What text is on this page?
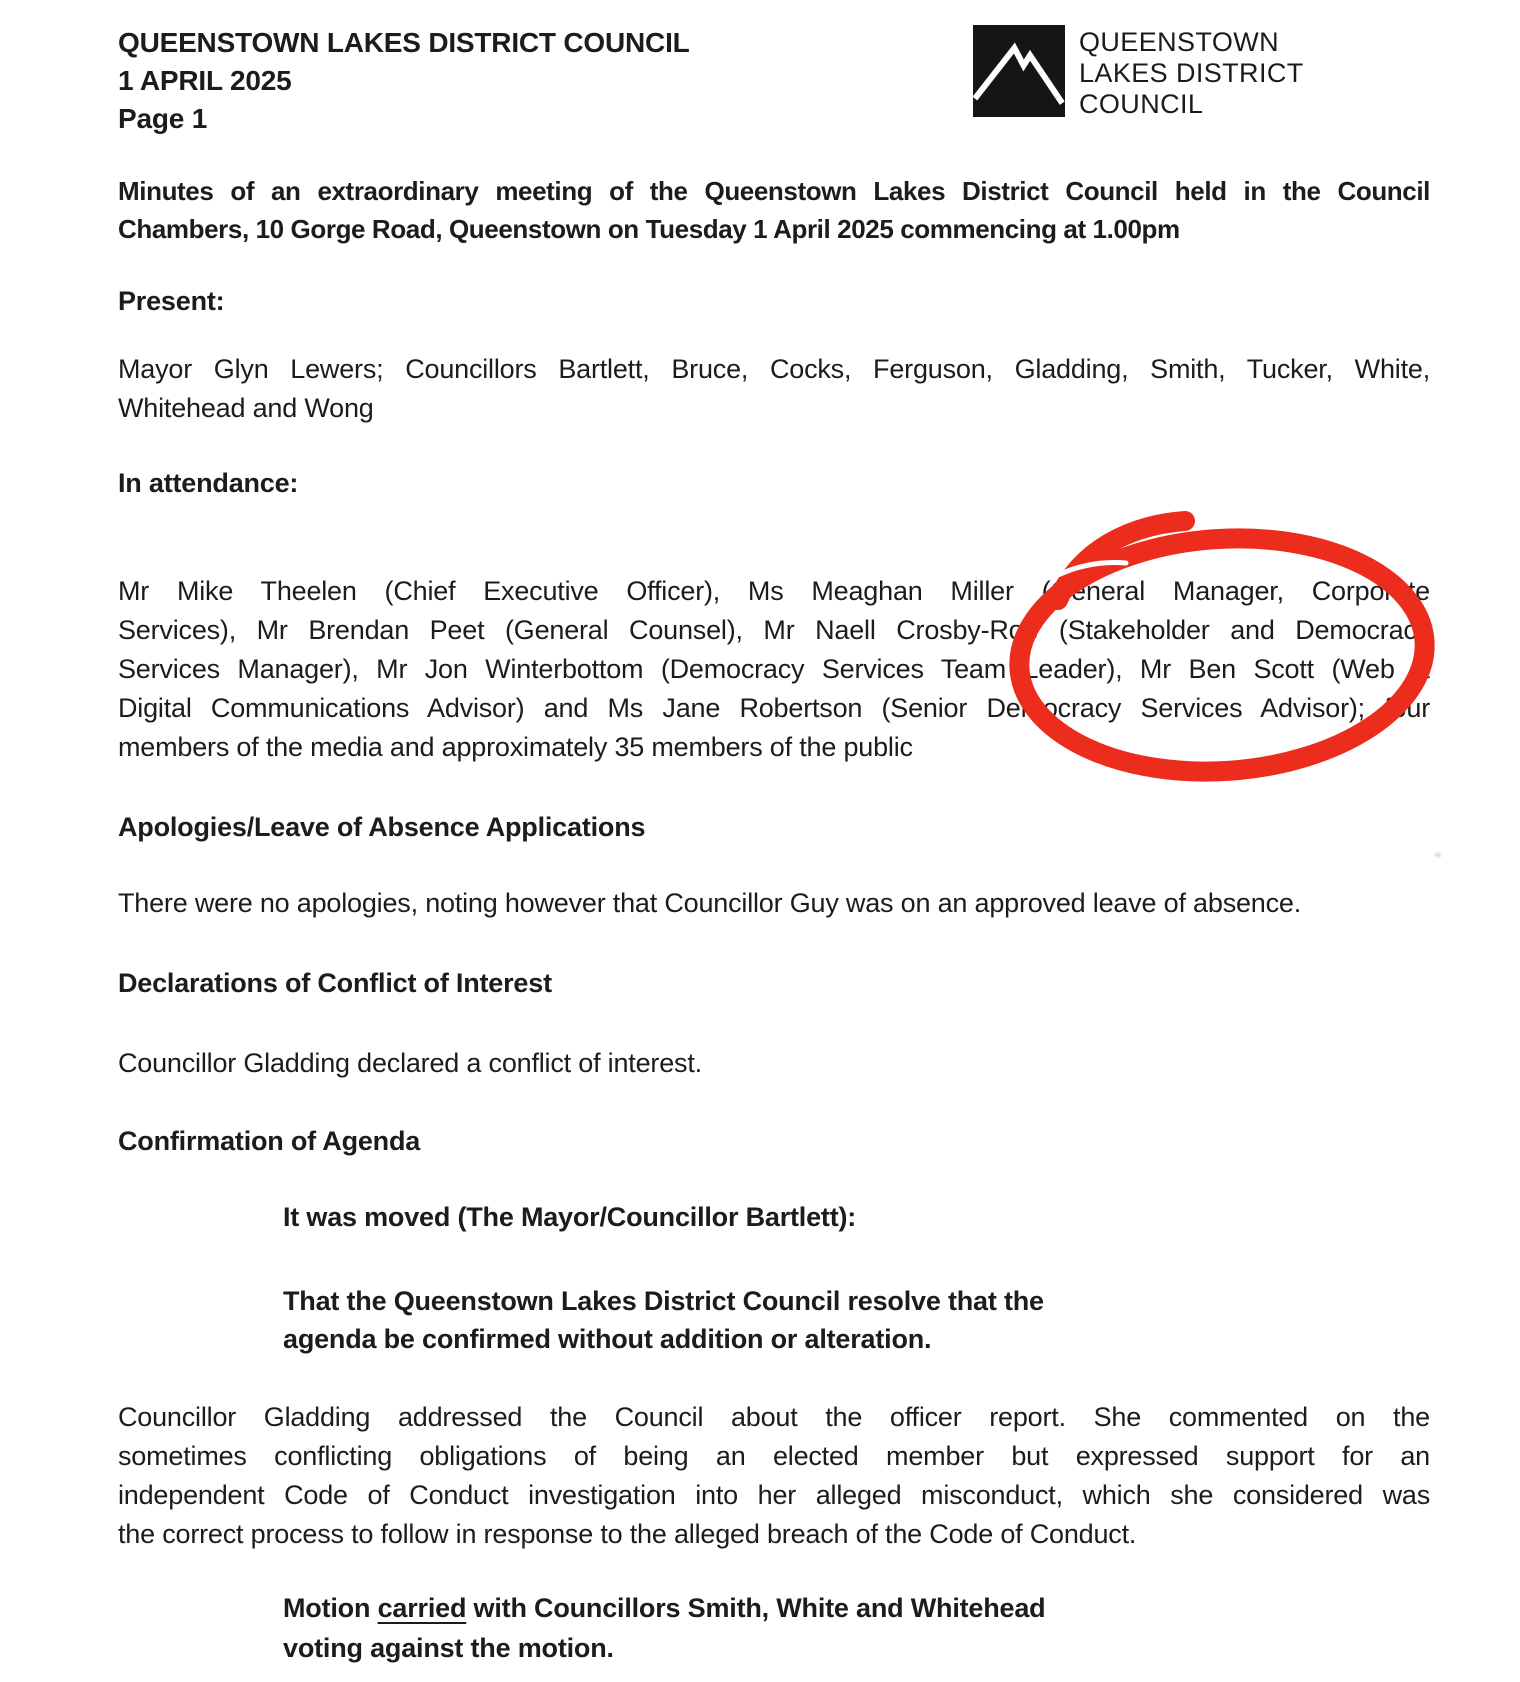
QUEENSTOWN
LAKES DISTRICT
COUNCIL
QUEENSTOWN LAKES DISTRICT COUNCIL
1 APRIL 2025
Page 1
Minutes of an extraordinary meeting of the Queenstown Lakes District Council held in the Council
Chambers, 10 Gorge Road, Queenstown on Tuesday 1 April 2025 commencing at 1.00pm
Present:
Mayor Glyn Lewers; Councillors Bartlett, Bruce, Cocks, Ferguson, Gladding, Smith, Tucker, White,
Whitehead and Wong
In attendance:
Mr Mike Theelen (Chief Executive Officer), Ms Meaghan Miller (General Manager, Corporate
Services), Mr Brendan Peet (General Counsel), Mr Naell Crosby-Roe (Stakeholder and Democracy
Services Manager), Mr Jon Winterbottom (Democracy Services Team Leader), Mr Ben Scott (Web &
Digital Communications Advisor) and Ms Jane Robertson (Senior Democracy Services Advisor); four
members of the media and approximately 35 members of the public
Apologies/Leave of Absence Applications
There were no apologies, noting however that Councillor Guy was on an approved leave of absence.
Declarations of Conflict of Interest
Councillor Gladding declared a conflict of interest.
Confirmation of Agenda
It was moved (The Mayor/Councillor Bartlett):
That the Queenstown Lakes District Council resolve that the
agenda be confirmed without addition or alteration.
Councillor Gladding addressed the Council about the officer report. She commented on the
sometimes conflicting obligations of being an elected member but expressed support for an
independent Code of Conduct investigation into her alleged misconduct, which she considered was
the correct process to follow in response to the alleged breach of the Code of Conduct.
Motion carried with Councillors Smith, White and Whitehead
voting against the motion.
